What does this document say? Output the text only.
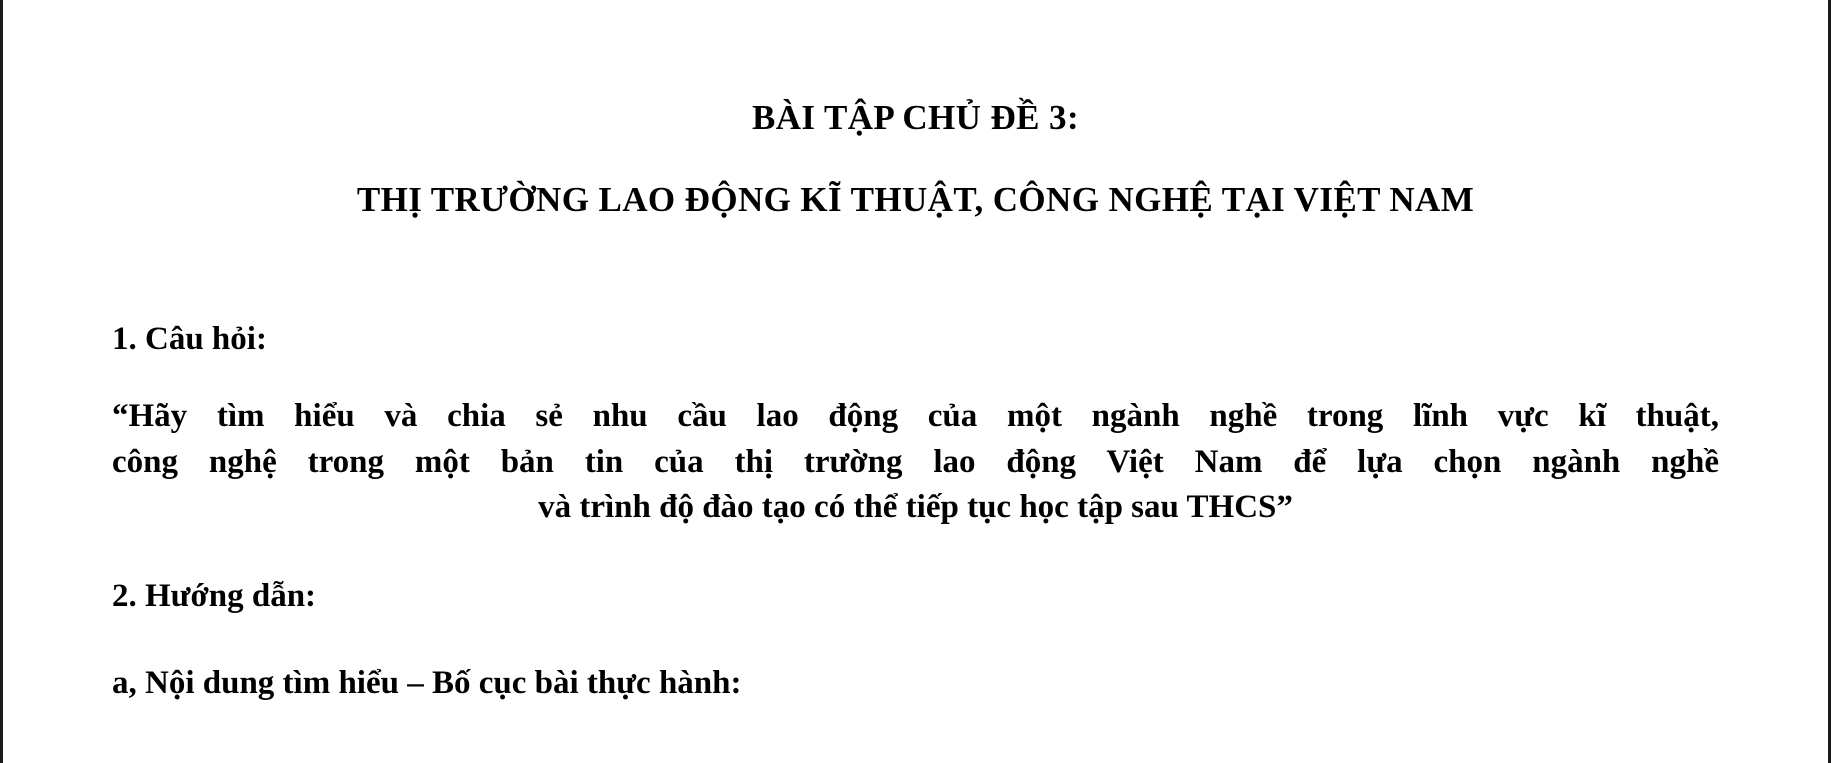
BÀI TẬP CHỦ ĐỀ 3:
THỊ TRƯỜNG LAO ĐỘNG KĨ THUẬT, CÔNG NGHỆ TẠI VIỆT NAM
1. Câu hỏi:
“Hãy tìm hiểu và chia sẻ nhu cầu lao động của một ngành nghề trong lĩnh vực kĩ thuật,
công nghệ trong một bản tin của thị trường lao động Việt Nam để lựa chọn ngành nghề
và trình độ đào tạo có thể tiếp tục học tập sau THCS”
2. Hướng dẫn:
a, Nội dung tìm hiểu – Bố cục bài thực hành:
